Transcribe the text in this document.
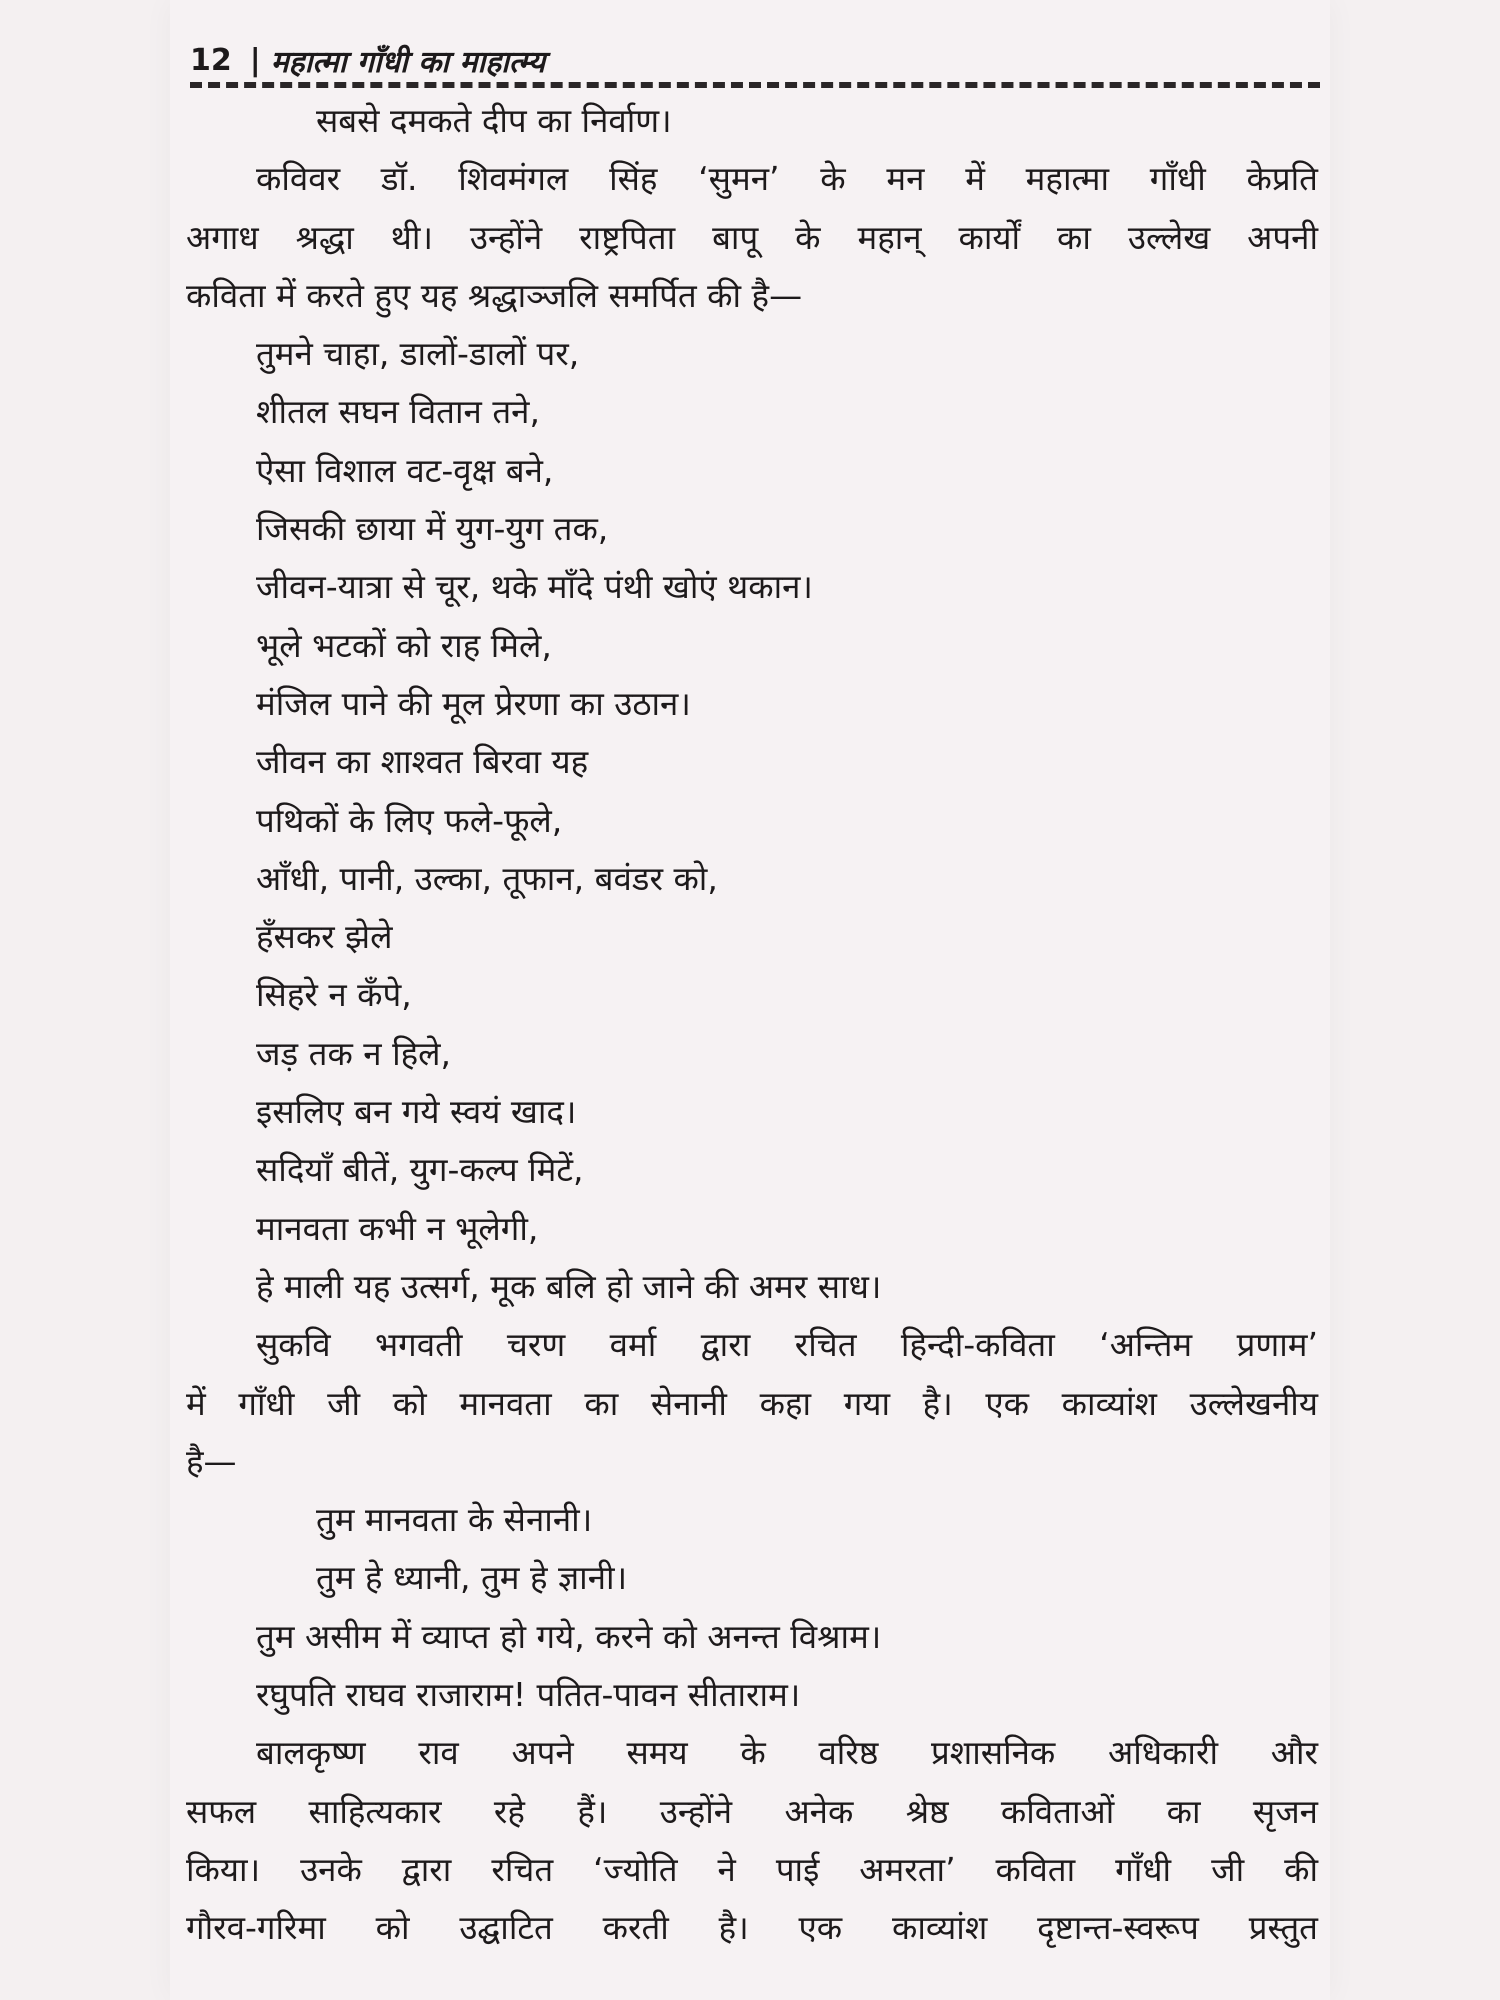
12 | महात्मा गाँधी का माहात्म्य
सबसे दमकते दीप का निर्वाण।
कविवर डॉ. शिवमंगल सिंह ‘सुमन’ के मन में महात्मा गाँधी केप्रति
अगाध श्रद्धा थी। उन्होंने राष्ट्रपिता बापू के महान् कार्यों का उल्लेख अपनी
कविता में करते हुए यह श्रद्धाञ्जलि समर्पित की है—
तुमने चाहा, डालों-डालों पर,
शीतल सघन वितान तने,
ऐसा विशाल वट-वृक्ष बने,
जिसकी छाया में युग-युग तक,
जीवन-यात्रा से चूर, थके माँदे पंथी खोएं थकान।
भूले भटकों को राह मिले,
मंजिल पाने की मूल प्रेरणा का उठान।
जीवन का शाश्वत बिरवा यह
पथिकों के लिए फले-फूले,
आँधी, पानी, उल्का, तूफान, बवंडर को,
हँसकर झेले
सिहरे न कँपे,
जड़ तक न हिले,
इसलिए बन गये स्वयं खाद।
सदियाँ बीतें, युग-कल्प मिटें,
मानवता कभी न भूलेगी,
हे माली यह उत्सर्ग, मूक बलि हो जाने की अमर साध।
सुकवि भगवती चरण वर्मा द्वारा रचित हिन्दी-कविता ‘अन्तिम प्रणाम’
में गाँधी जी को मानवता का सेनानी कहा गया है। एक काव्यांश उल्लेखनीय
है—
तुम मानवता के सेनानी।
तुम हे ध्यानी, तुम हे ज्ञानी।
तुम असीम में व्याप्त हो गये, करने को अनन्त विश्राम।
रघुपति राघव राजाराम! पतित-पावन सीताराम।
बालकृष्ण राव अपने समय के वरिष्ठ प्रशासनिक अधिकारी और
सफल साहित्यकार रहे हैं। उन्होंने अनेक श्रेष्ठ कविताओं का सृजन
किया। उनके द्वारा रचित ‘ज्योति ने पाई अमरता’ कविता गाँधी जी की
गौरव-गरिमा को उद्घाटित करती है। एक काव्यांश दृष्टान्त-स्वरूप प्रस्तुत
